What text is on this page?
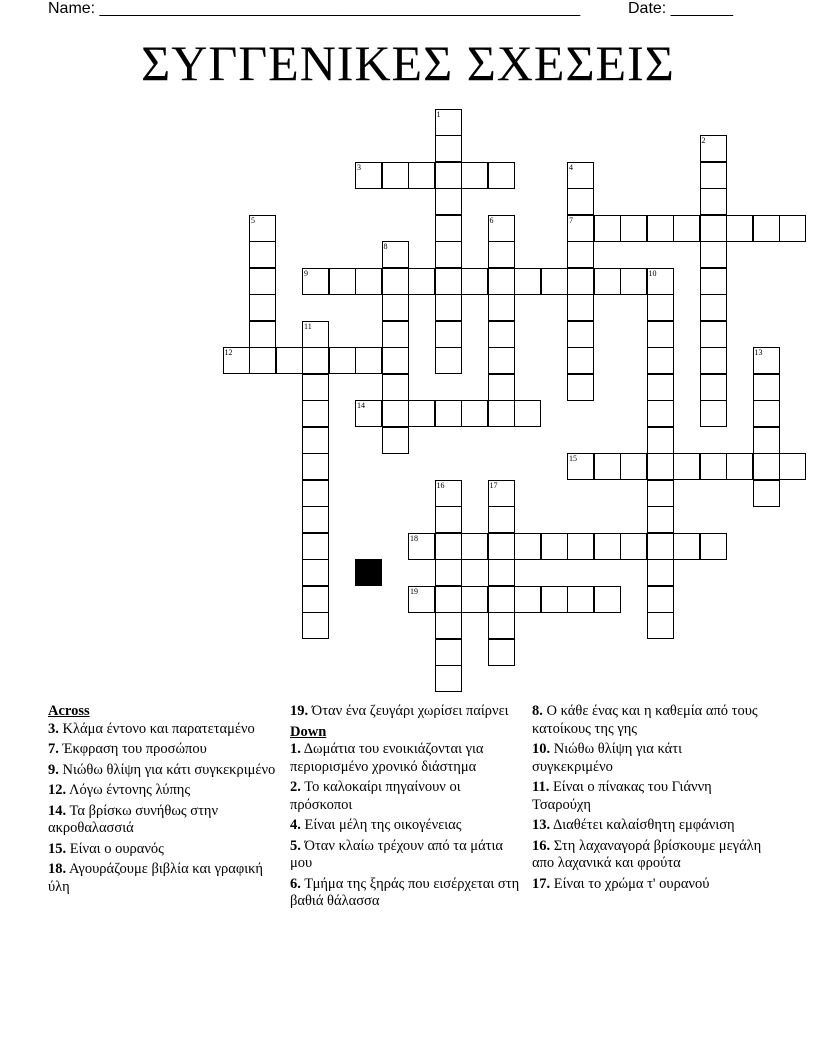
Name: ______________________________________________________	Date: _______
ΣΥΓΓΕΝΙΚΕΣ ΣΧΕΣΕΙΣ
1
2
3	4
5	6	7
8
9	10
11
12	13
14
15
16	17
18
19
Across
3. Κλάμα έντονο και παρατεταμένο
7. Έκφραση του προσώπου
9. Νιώθω θλίψη για κάτι συγκεκριμένο
12. Λόγω έντονης λύπης
14. Τα βρίσκω συνήθως στην ακροθαλασσιά
15. Είναι ο ουρανός
18. Αγουράζουμε βιβλία και γραφική ύλη
19. Όταν ένα ζευγάρι χωρίσει παίρνει
Down
1. Δωμάτια του ενοικιάζονται για περιορισμένο χρονικό διάστημα
2. Το καλοκαίρι πηγαίνουν οι πρόσκοποι
4. Είναι μέλη της οικογένειας
5. Όταν κλαίω τρέχουν από τα μάτια μου
6. Τμήμα της ξηράς που εισέρχεται στη βαθιά θάλασσα
8. Ο κάθε ένας και η καθεμία από τους κατοίκους της γης
10. Νιώθω θλίψη για κάτι συγκεκριμένο
11. Είναι ο πίνακας του Γιάννη Τσαρούχη
13. Διαθέτει καλαίσθητη εμφάνιση
16. Στη λαχαναγορά βρίσκουμε μεγάλη απο λαχανικά και φρούτα
17. Είναι το χρώμα τ' ουρανού
